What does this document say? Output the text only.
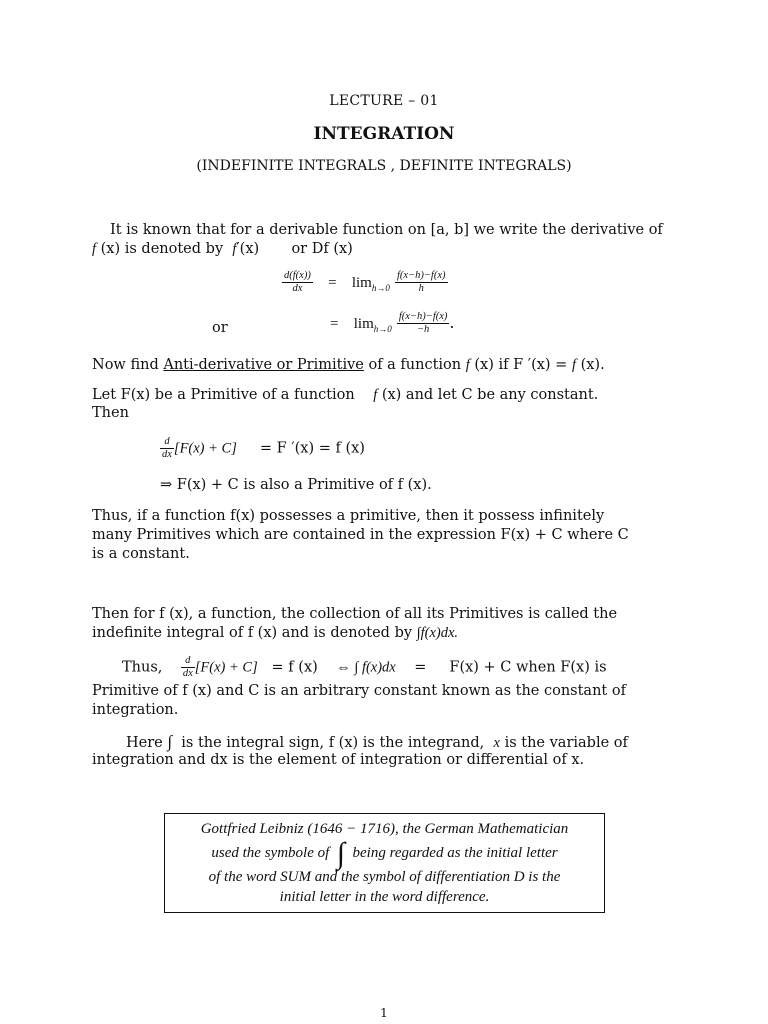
LECTURE – 01
INTEGRATION
(INDEFINITE INTEGRALS , DEFINITE INTEGRALS)
It is known that for a derivable function on [a, b] we write the derivative of
f (x) is denoted by f′(x) or Df (x)
$\frac{d(f(x))}{dx} = \lim_{h\to 0} \frac{f(x-h)-f(x)}{h}$
or	= $\lim_{h\to 0} \frac{f(x-h)-f(x)}{-h}$ .
Now find Anti-derivative or Primitive of a function f (x) if F ′(x) = f (x).
Let F(x) be a Primitive of a function f (x) and let C be any constant.
Then
$\frac{d}{dx} [F(x) + C] = F$ ′(x) = f (x)
⇒ F(x) + C is also a Primitive of f (x).
Thus, if a function f(x) possesses a primitive, then it possess infinitely
many Primitives which are contained in the expression F(x) + C where C
is a constant.
Then for f (x), a function, the collection of all its Primitives is called the
indefinite integral of f (x) and is denoted by ∫f(x)dx.
Thus, $\frac{d}{dx} [F(x) + C] = f$ (x) ⇔ ∫ f(x)dx = F(x) + C when F(x) is
Primitive of f (x) and C is an arbitrary constant known as the constant of
integration.
Here ∫ is the integral sign, f (x) is the integrand, x is the variable of
integration and dx is the element of integration or differential of x.
Gottfried Leibniz (1646 − 1716), the German Mathematician
used the symbole of ∫ being regarded as the initial letter
of the word SUM and the symbol of differentiation D is the
initial letter in the word difference.
1
